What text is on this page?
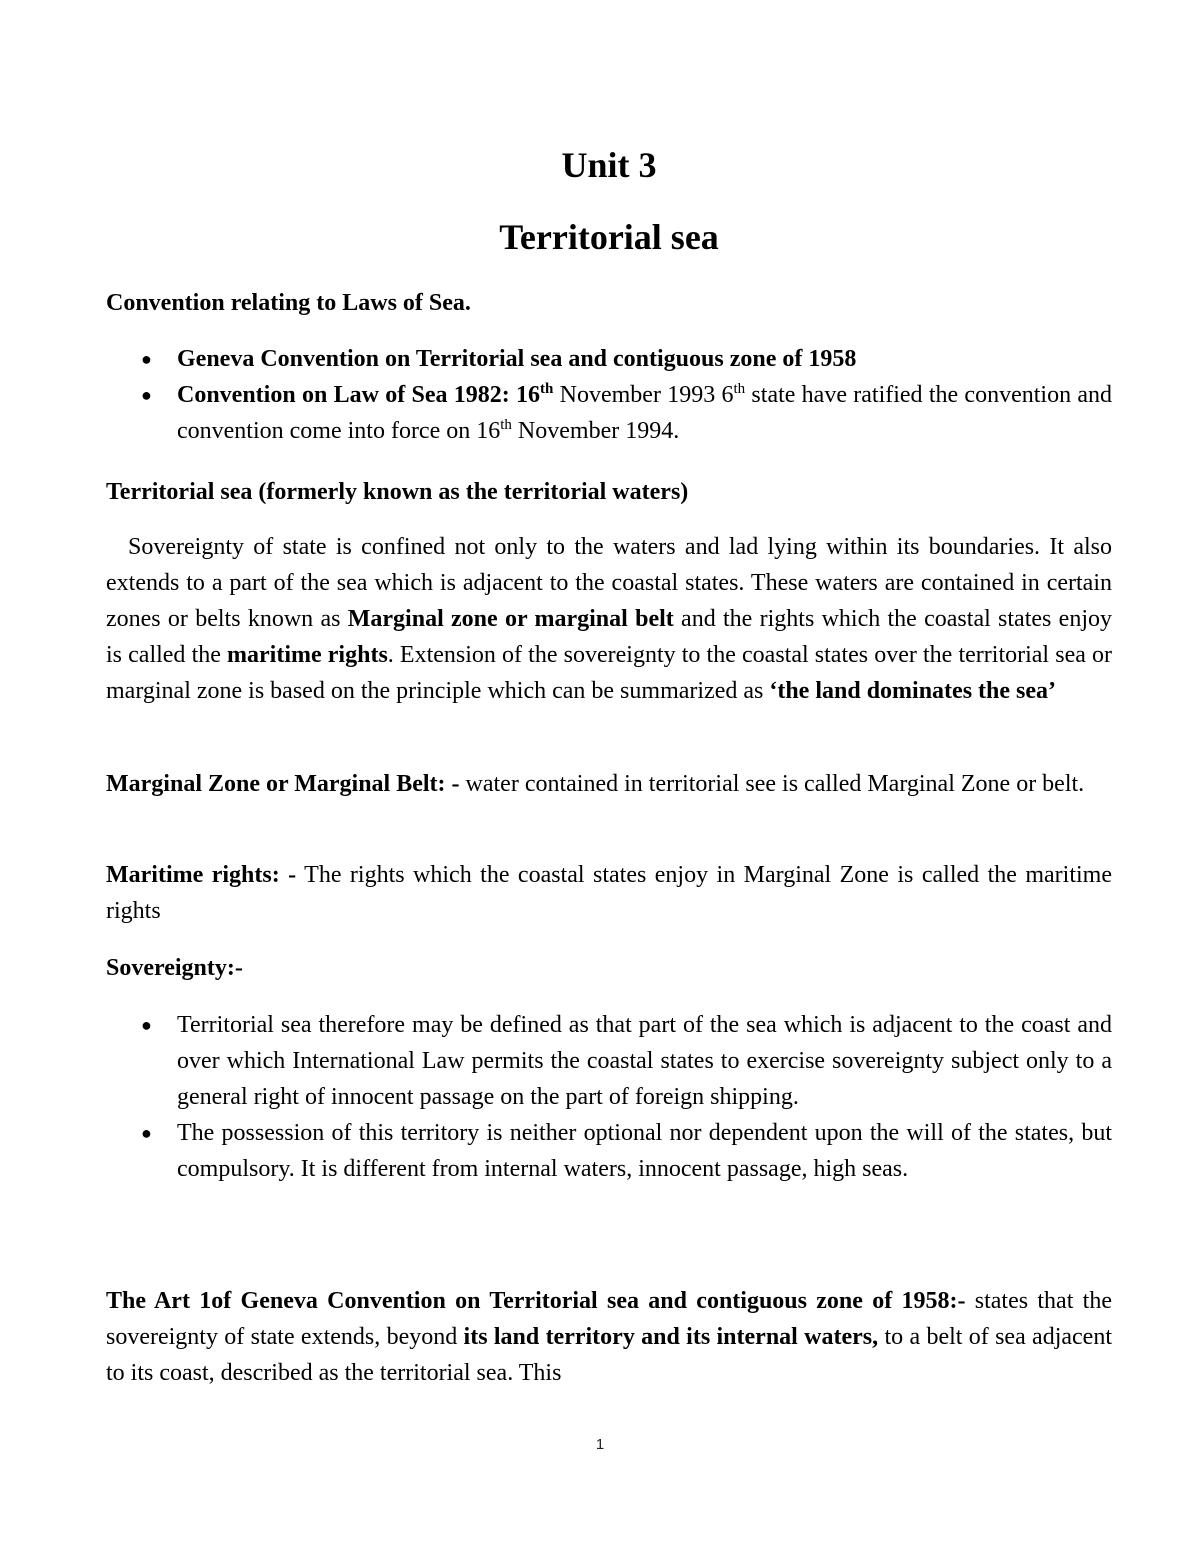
Unit 3
Territorial sea

Convention relating to Laws of Sea.

● Geneva Convention on Territorial sea and contiguous zone of 1958
● Convention on Law of Sea 1982: 16th November 1993 6th state have ratified the convention and convention come into force on 16th November 1994.

Territorial sea (formerly known as the territorial waters)

Sovereignty of state is confined not only to the waters and lad lying within its boundaries. It also extends to a part of the sea which is adjacent to the coastal states. These waters are contained in certain zones or belts known as Marginal zone or marginal belt and the rights which the coastal states enjoy is called the maritime rights. Extension of the sovereignty to the coastal states over the territorial sea or marginal zone is based on the principle which can be summarized as ‘the land dominates the sea’

Marginal Zone or Marginal Belt: - water contained in territorial see is called Marginal Zone or belt.

Maritime rights: - The rights which the coastal states enjoy in Marginal Zone is called the maritime rights

Sovereignty:-

● Territorial sea therefore may be defined as that part of the sea which is adjacent to the coast and over which International Law permits the coastal states to exercise sovereignty subject only to a general right of innocent passage on the part of foreign shipping.
● The possession of this territory is neither optional nor dependent upon the will of the states, but compulsory. It is different from internal waters, innocent passage, high seas.

The Art 1of Geneva Convention on Territorial sea and contiguous zone of 1958:- states that the sovereignty of state extends, beyond its land territory and its internal waters, to a belt of sea adjacent to its coast, described as the territorial sea. This

1
